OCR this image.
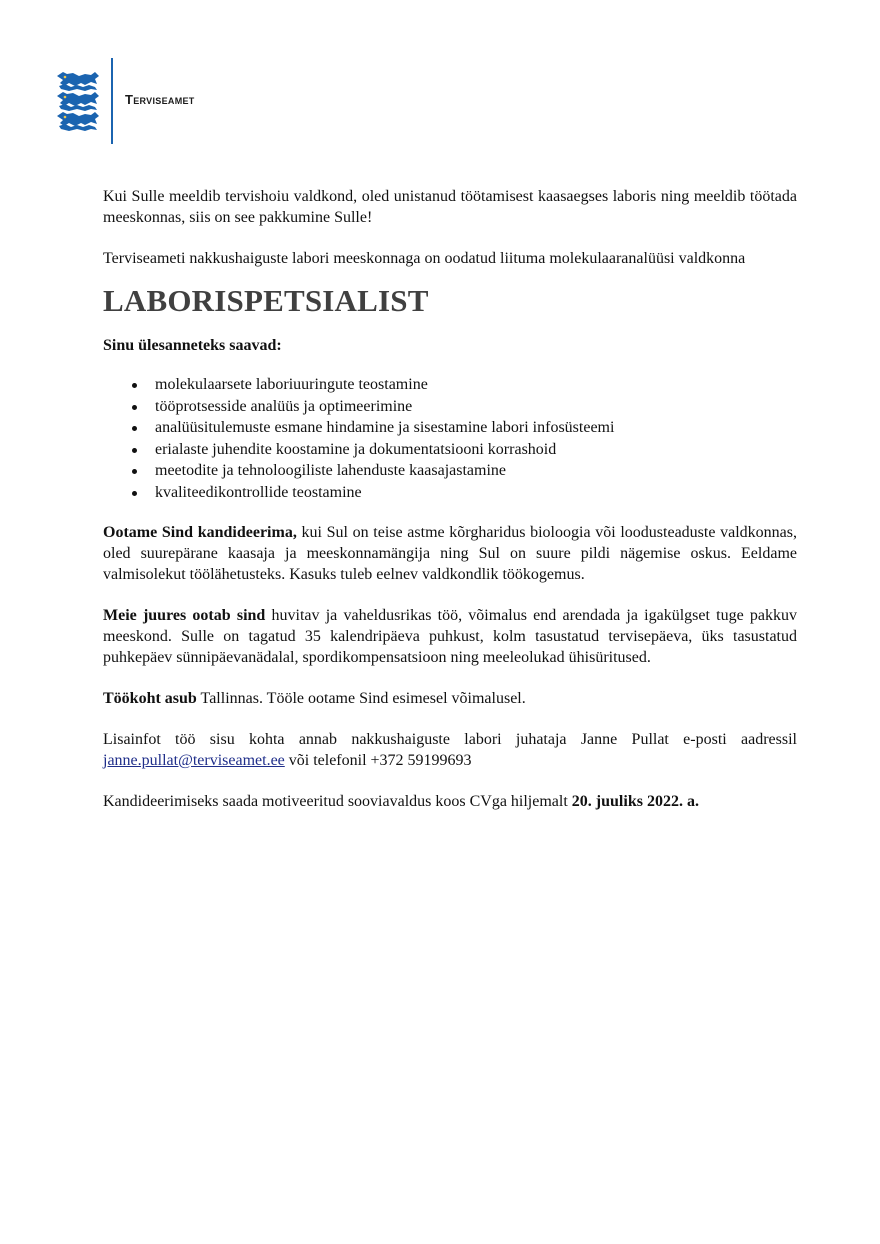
Terviseamet

Kui Sulle meeldib tervishoiu valdkond, oled unistanud töötamisest kaasaegses laboris ning meeldib töötada meeskonnas, siis on see pakkumine Sulle!

Terviseameti nakkushaiguste labori meeskonnaga on oodatud liituma molekulaaranalüüsi valdkonna

LABORISPETSIALIST

Sinu ülesanneteks saavad:

molekulaarsete laboriuuringute teostamine
tööprotsesside analüüs ja optimeerimine
analüüsitulemuste esmane hindamine ja sisestamine labori infosüsteemi
erialaste juhendite koostamine ja dokumentatsiooni korrashoid
meetodite ja tehnoloogiliste lahenduste kaasajastamine
kvaliteedikontrollide teostamine

Ootame Sind kandideerima, kui Sul on teise astme kõrgharidus bioloogia või loodusteaduste valdkonnas, oled suurepärane kaasaja ja meeskonnamängija ning Sul on suure pildi nägemise oskus. Eeldame valmisolekut töölähetusteks. Kasuks tuleb eelnev valdkondlik töökogemus.

Meie juures ootab sind huvitav ja vaheldusrikas töö, võimalus end arendada ja igakülgset tuge pakkuv meeskond. Sulle on tagatud 35 kalendripäeva puhkust, kolm tasustatud tervisepäeva, üks tasustatud puhkepäev sünnipäevanädalal, spordikompensatsioon ning meeleolukad ühisüritused.

Töökoht asub Tallinnas. Tööle ootame Sind esimesel võimalusel.

Lisainfot töö sisu kohta annab nakkushaiguste labori juhataja Janne Pullat e-posti aadressil janne.pullat@terviseamet.ee või telefonil +372 59199693

Kandideerimiseks saada motiveeritud sooviavaldus koos CVga hiljemalt 20. juuliks 2022. a.
